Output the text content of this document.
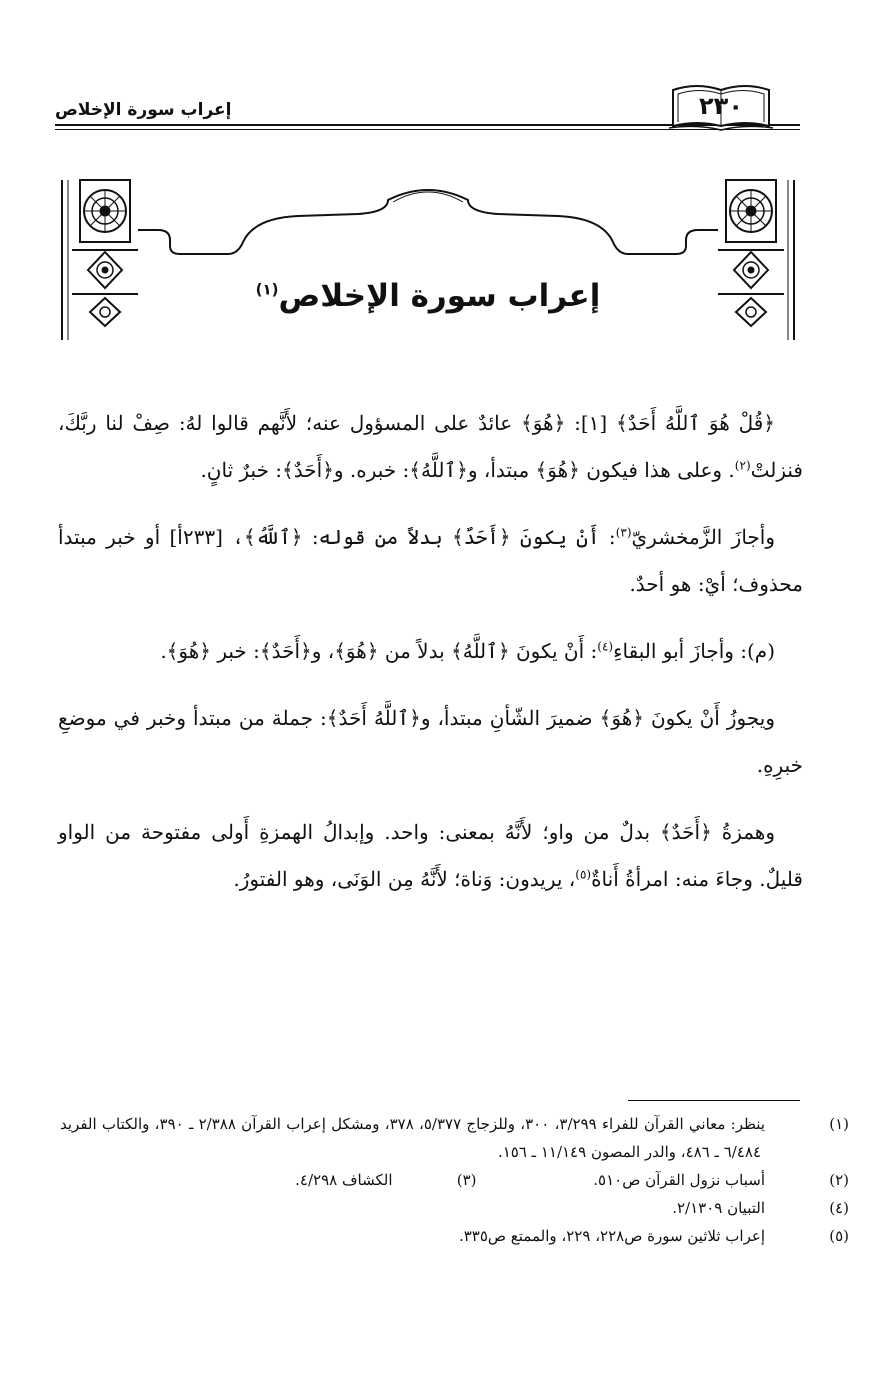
إعراب سورة الإخلاص	٢٣٠
إعراب سورة الإخلاص$^{(١)}$

﴿قُلْ هُوَ ٱللَّهُ أَحَدٌ﴾ [١]: ﴿هُوَ﴾ عائدٌ على المسؤول عنه؛ لأَنَّهم قالوا لهُ: صِفْ لنا ربَّكَ، فنزلتْ$^{(٢)}$. وعلى هذا فيكون ﴿هُوَ﴾ مبتدأ، و﴿ٱللَّهُ﴾: خبره. و﴿أَحَدٌ﴾: خبرٌ ثانٍ.

وأجازَ الزَّمخشريّ$^{(٣)}$: أَنْ يكونَ ﴿أَحَدٌ﴾ بدلاً من قوله: ﴿ٱللَّهُ﴾، [٢٣٣أ] أو خبر مبتدأ محذوف؛ أيْ: هو أحدٌ.

(م): وأجازَ أبو البقاءِ$^{(٤)}$: أَنْ يكونَ ﴿ٱللَّهُ﴾ بدلاً من ﴿هُوَ﴾، و﴿أَحَدٌ﴾: خبر ﴿هُوَ﴾.

ويجوزُ أَنْ يكونَ ﴿هُوَ﴾ ضميرَ الشّأنِ مبتدأ، و﴿ٱللَّهُ أَحَدٌ﴾: جملة من مبتدأ وخبر في موضعِ خبرِهِ.

وهمزةُ ﴿أَحَدٌ﴾ بدلٌ من واو؛ لأَنَّهُ بمعنى: واحد. وإبدالُ الهمزةِ أَولى مفتوحة من الواو قليلٌ. وجاءَ منه: امرأةُ أَناةٌ$^{(٥)}$، يريدون: وَناة؛ لأَنَّهُ مِن الوَنَى، وهو الفتورُ.

(١)ينظر: معاني القرآن للفراء ٣/٢٩٩، ٣٠٠، وللزجاج ٥/٣٧٧، ٣٧٨، ومشكل إعراب القرآن ٢/٣٨٨ ـ ٣٩٠، والكتاب الفريد ٦/٤٨٤ ـ ٤٨٦، والدر المصون ١١/١٤٩ ـ ١٥٦.

(٢)أسباب نزول القرآن ص٥١٠.

(٣)الكشاف ٤/٢٩٨.

(٤)التبيان ٢/١٣٠٩.

(٥)إعراب ثلاثين سورة ص٢٢٨، ٢٢٩، والممتع ص٣٣٥.
